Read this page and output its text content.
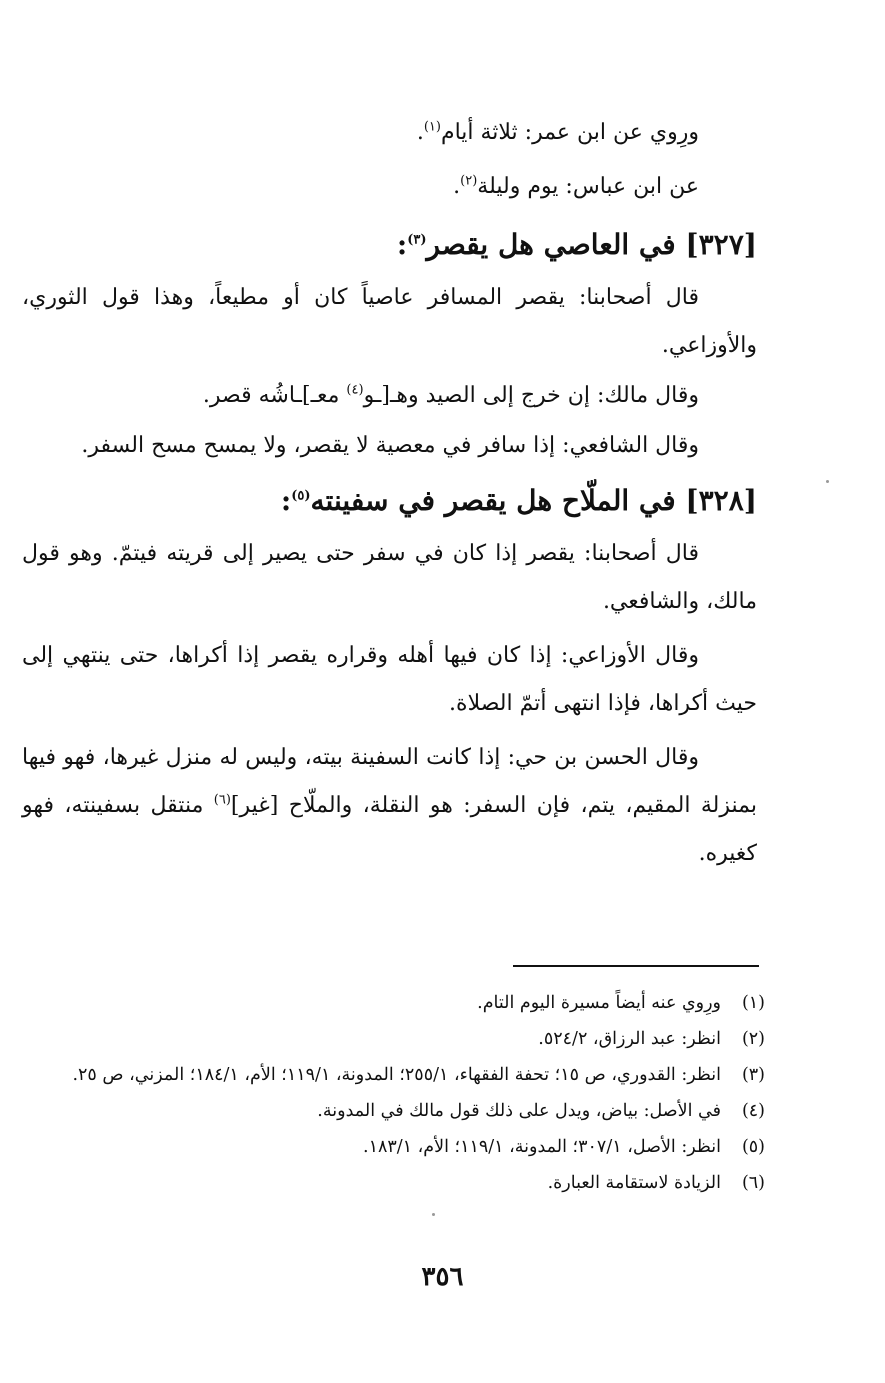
ورِوي عن ابن عمر: ثلاثة أيام$^{(١)}$.

عن ابن عباس: يوم وليلة$^{(٢)}$.

[٣٢٧] في العاصي هل يقصر$^{(٣)}$:

قال أصحابنا: يقصر المسافر عاصياً كان أو مطيعاً، وهذا قول الثوري، والأوزاعي.

وقال مالك: إن خرج إلى الصيد وهـ[ـو$^{(٤)}$ معـ]ـاشُه قصر.

وقال الشافعي: إذا سافر في معصية لا يقصر، ولا يمسح مسح السفر.

[٣٢٨] في الملّاح هل يقصر في سفينته$^{(٥)}$:

قال أصحابنا: يقصر إذا كان في سفر حتى يصير إلى قريته فيتمّ. وهو قول مالك، والشافعي.

وقال الأوزاعي: إذا كان فيها أهله وقراره يقصر إذا أكراها، حتى ينتهي إلى حيث أكراها، فإذا انتهى أتمّ الصلاة.

وقال الحسن بن حي: إذا كانت السفينة بيته، وليس له منزل غيرها، فهو فيها بمنزلة المقيم، يتم، فإن السفر: هو النقلة، والملّاح [غير]$^{(٦)}$ منتقل بسفينته، فهو كغيره.

(١)
ورِوي عنه أيضاً مسيرة اليوم التام.
(٢)
انظر: عبد الرزاق، ٥٢٤/٢.
(٣)
انظر: القدوري، ص ١٥؛ تحفة الفقهاء، ٢٥٥/١؛ المدونة، ١١٩/١؛ الأم، ١٨٤/١؛ المزني، ص ٢٥.
(٤)
في الأصل: بياض، ويدل على ذلك قول مالك في المدونة.
(٥)
انظر: الأصل، ٣٠٧/١؛ المدونة، ١١٩/١؛ الأم، ١٨٣/١.
(٦)
الزيادة لاستقامة العبارة.
٣٥٦
